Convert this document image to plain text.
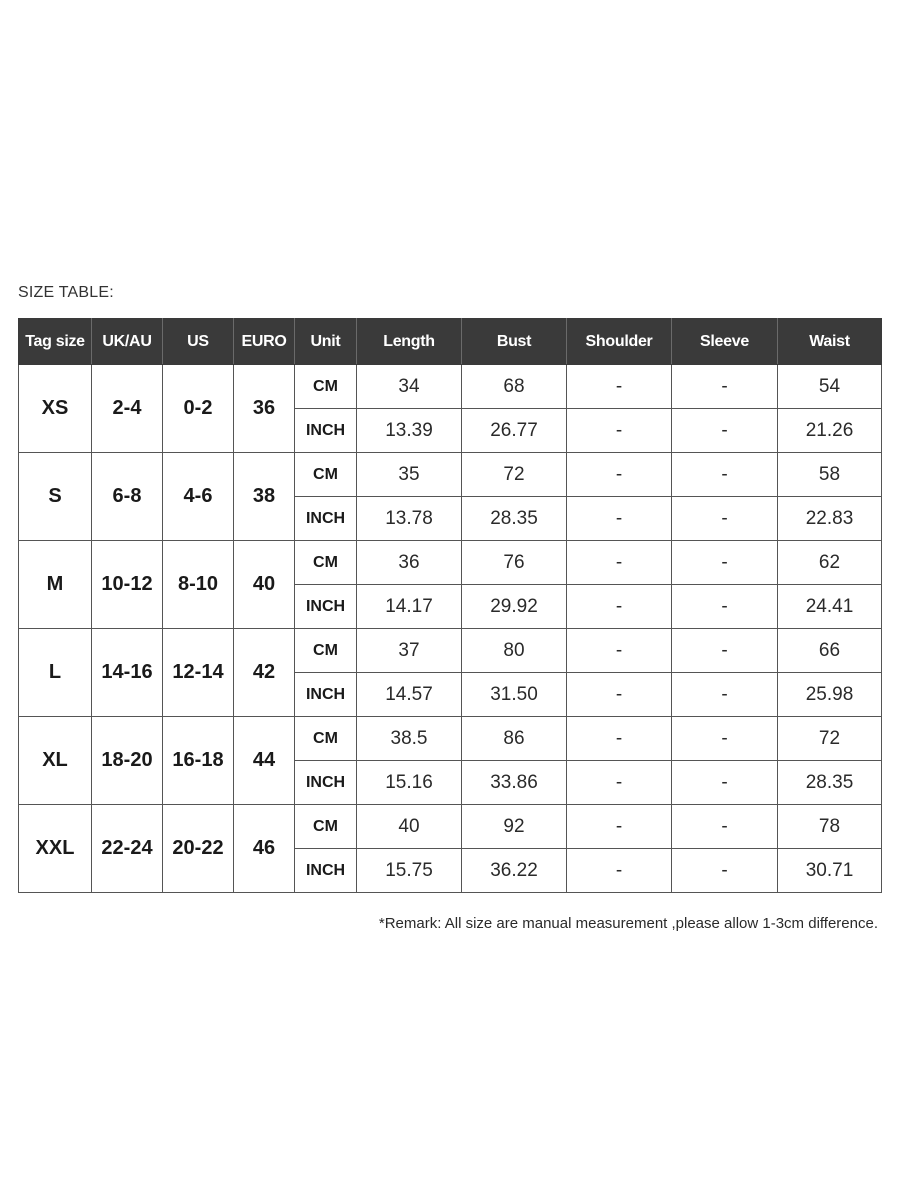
SIZE TABLE:
Tag size	UK/AU	US	EURO	Unit	Length	Bust	Shoulder	Sleeve	Waist
XS	2-4	0-2	36	CM	34	68	-	-	54
				INCH	13.39	26.77	-	-	21.26
S	6-8	4-6	38	CM	35	72	-	-	58
				INCH	13.78	28.35	-	-	22.83
M	10-12	8-10	40	CM	36	76	-	-	62
				INCH	14.17	29.92	-	-	24.41
L	14-16	12-14	42	CM	37	80	-	-	66
				INCH	14.57	31.50	-	-	25.98
XL	18-20	16-18	44	CM	38.5	86	-	-	72
				INCH	15.16	33.86	-	-	28.35
XXL	22-24	20-22	46	CM	40	92	-	-	78
				INCH	15.75	36.22	-	-	30.71
*Remark: All size are manual measurement ,please allow 1-3cm difference.
